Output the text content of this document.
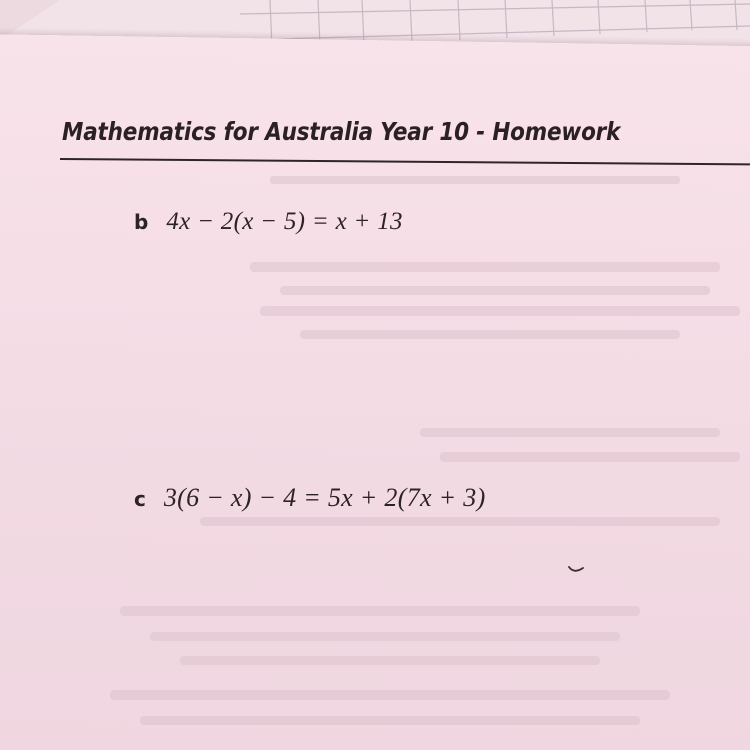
Mathematics for Australia Year 10 - Homework
b 4x − 2(x − 5) = x + 13
c 3(6 − x) − 4 = 5x + 2(7x + 3)
